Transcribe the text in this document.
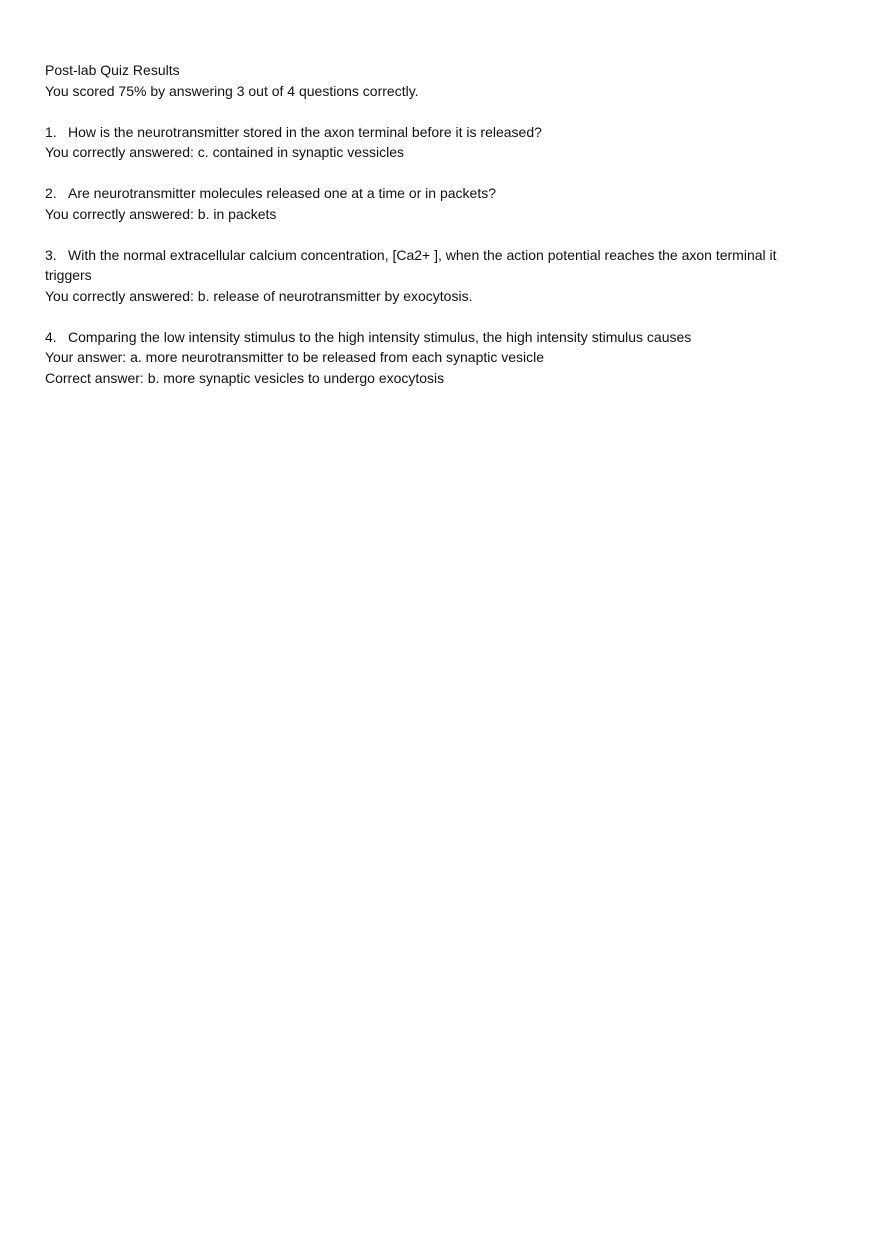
Post-lab Quiz Results
You scored 75% by answering 3 out of 4 questions correctly.
1. How is the neurotransmitter stored in the axon terminal before it is released?
You correctly answered: c. contained in synaptic vessicles
2. Are neurotransmitter molecules released one at a time or in packets?
You correctly answered: b. in packets
3. With the normal extracellular calcium concentration, [Ca2+ ], when the action potential reaches the axon terminal it triggers
You correctly answered: b. release of neurotransmitter by exocytosis.
4. Comparing the low intensity stimulus to the high intensity stimulus, the high intensity stimulus causes
Your answer: a. more neurotransmitter to be released from each synaptic vesicle
Correct answer: b. more synaptic vesicles to undergo exocytosis
